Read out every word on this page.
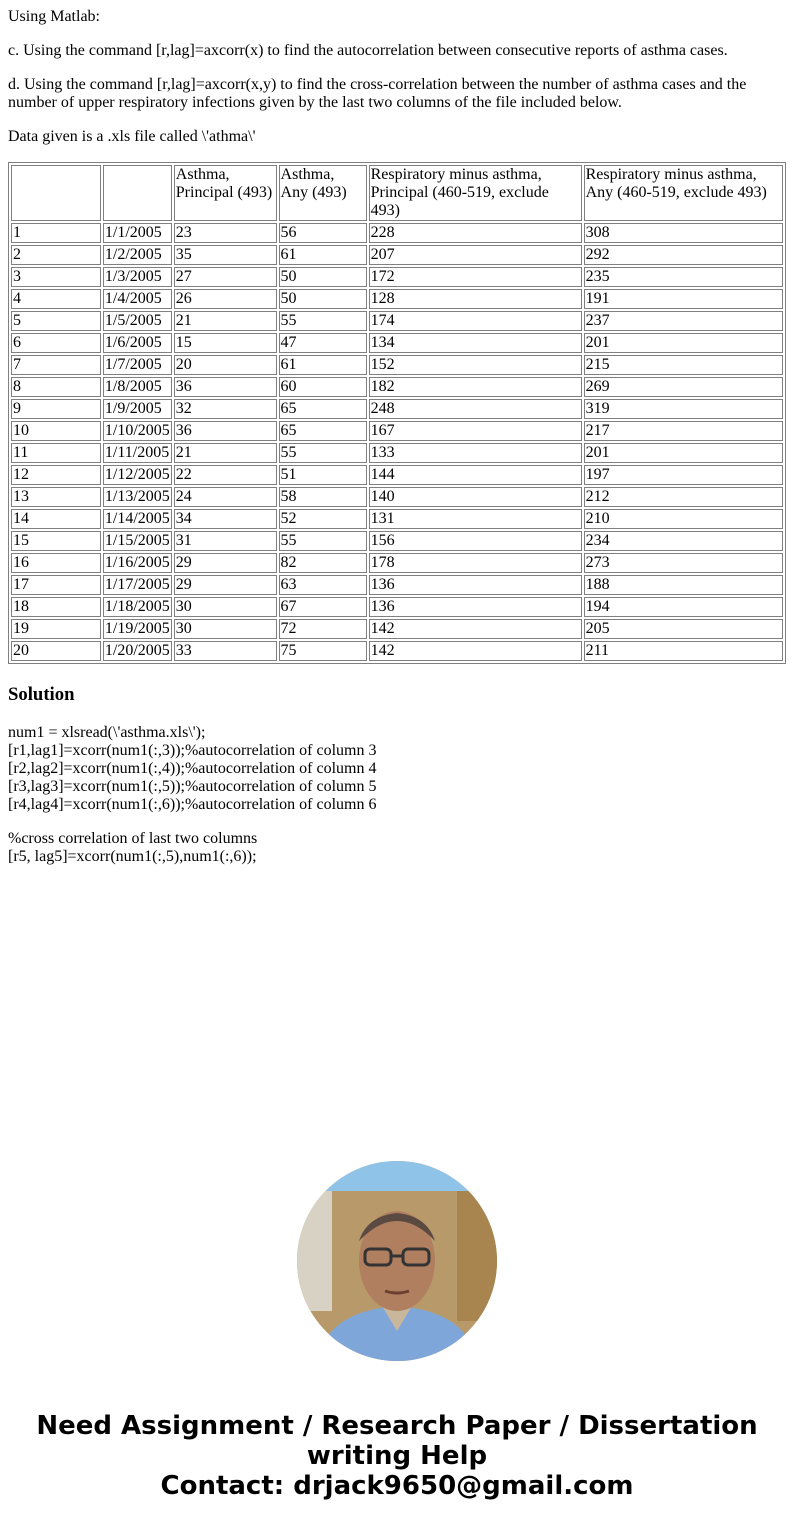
Using Matlab:

c. Using the command [r,lag]=axcorr(x) to find the autocorrelation between consecutive reports of asthma cases.

d. Using the command [r,lag]=axcorr(x,y) to find the cross-correlation between the number of asthma cases and the number of upper respiratory infections given by the last two columns of the file included below.

Data given is a .xls file called \'athma\'

		Asthma, Principal (493)	Asthma, Any (493)	Respiratory minus asthma, Principal (460-519, exclude 493)	Respiratory minus asthma, Any (460-519, exclude 493)
1	1/1/2005	23	56	228	308
2	1/2/2005	35	61	207	292
3	1/3/2005	27	50	172	235
4	1/4/2005	26	50	128	191
5	1/5/2005	21	55	174	237
6	1/6/2005	15	47	134	201
7	1/7/2005	20	61	152	215
8	1/8/2005	36	60	182	269
9	1/9/2005	32	65	248	319
10	1/10/2005	36	65	167	217
11	1/11/2005	21	55	133	201
12	1/12/2005	22	51	144	197
13	1/13/2005	24	58	140	212
14	1/14/2005	34	52	131	210
15	1/15/2005	31	55	156	234
16	1/16/2005	29	82	178	273
17	1/17/2005	29	63	136	188
18	1/18/2005	30	67	136	194
19	1/19/2005	30	72	142	205
20	1/20/2005	33	75	142	211
Solution
num1 = xlsread(\'asthma.xls\');
[r1,lag1]=xcorr(num1(:,3));%autocorrelation of column 3
[r2,lag2]=xcorr(num1(:,4));%autocorrelation of column 4
[r3,lag3]=xcorr(num1(:,5));%autocorrelation of column 5
[r4,lag4]=xcorr(num1(:,6));%autocorrelation of column 6
%cross correlation of last two columns
[r5, lag5]=xcorr(num1(:,5),num1(:,6));
Need Assignment / Research Paper / Dissertation
writing Help
Contact: drjack9650@gmail.com
